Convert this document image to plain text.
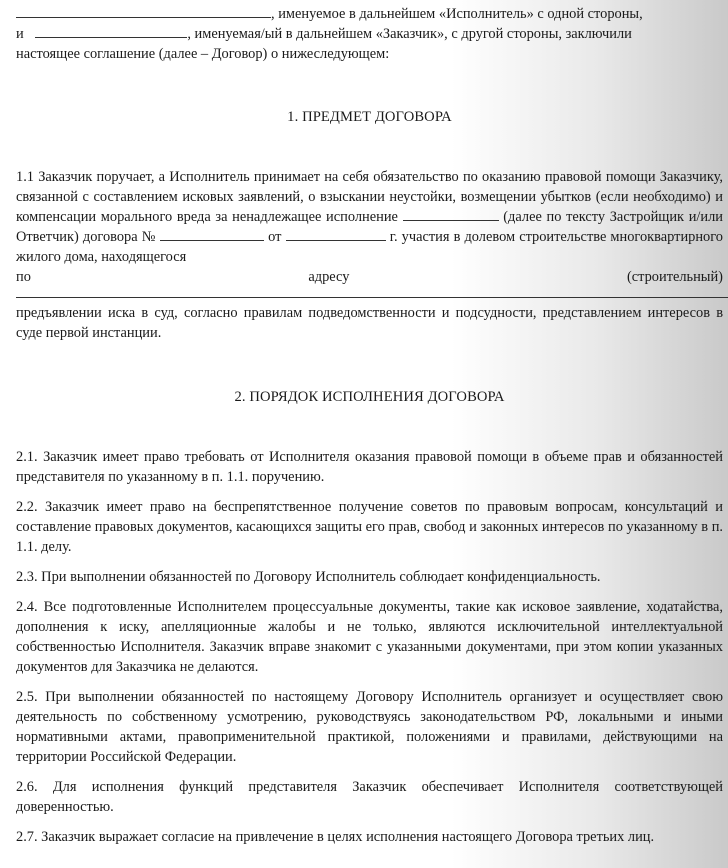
, именуемое в дальнейшем «Исполнитель» с одной стороны,

и	, именуемая/ый в дальнейшем «Заказчик», с другой стороны, заключили

настоящее соглашение (далее – Договор) о нижеследующем:

1. ПРЕДМЕТ ДОГОВОРА

1.1 Заказчик поручает, а Исполнитель принимает на себя обязательство по оказанию правовой помощи Заказчику, связанной с составлением исковых заявлений, о взыскании неустойки, возмещении убытков (если необходимо) и компенсации морального вреда за ненадлежащее исполнение	(далее по тексту Застройщик и/или Ответчик) договора №	от	г. участия в долевом строительстве многоквартирного жилого дома, находящегося

по	адресу	(строительный)

предъявлении иска в суд, согласно правилам подведомственности и подсудности, представлением интересов в суде первой инстанции.

2. ПОРЯДОК ИСПОЛНЕНИЯ ДОГОВОРА

2.1. Заказчик имеет право требовать от Исполнителя оказания правовой помощи в объеме прав и обязанностей представителя по указанному в п. 1.1. поручению.

2.2. Заказчик имеет право на беспрепятственное получение советов по правовым вопросам, консультаций и составление правовых документов, касающихся защиты его прав, свобод и законных интересов по указанному в п. 1.1. делу.

2.3. При выполнении обязанностей по Договору Исполнитель соблюдает конфиденциальность.

2.4. Все подготовленные Исполнителем процессуальные документы, такие как исковое заявление, ходатайства, дополнения к иску, апелляционные жалобы и не только, являются исключительной интеллектуальной собственностью Исполнителя. Заказчик вправе знакомит с указанными документами, при этом копии указанных документов для Заказчика не делаются.

2.5. При выполнении обязанностей по настоящему Договору Исполнитель организует и осуществляет свою деятельность по собственному усмотрению, руководствуясь законодательством РФ, локальными и иными нормативными актами, правоприменительной практикой, положениями и правилами, действующими на территории Российской Федерации.

2.6. Для исполнения функций представителя Заказчик обеспечивает Исполнителя соответствующей доверенностью.

2.7. Заказчик выражает согласие на привлечение в целях исполнения настоящего Договора третьих лиц.
